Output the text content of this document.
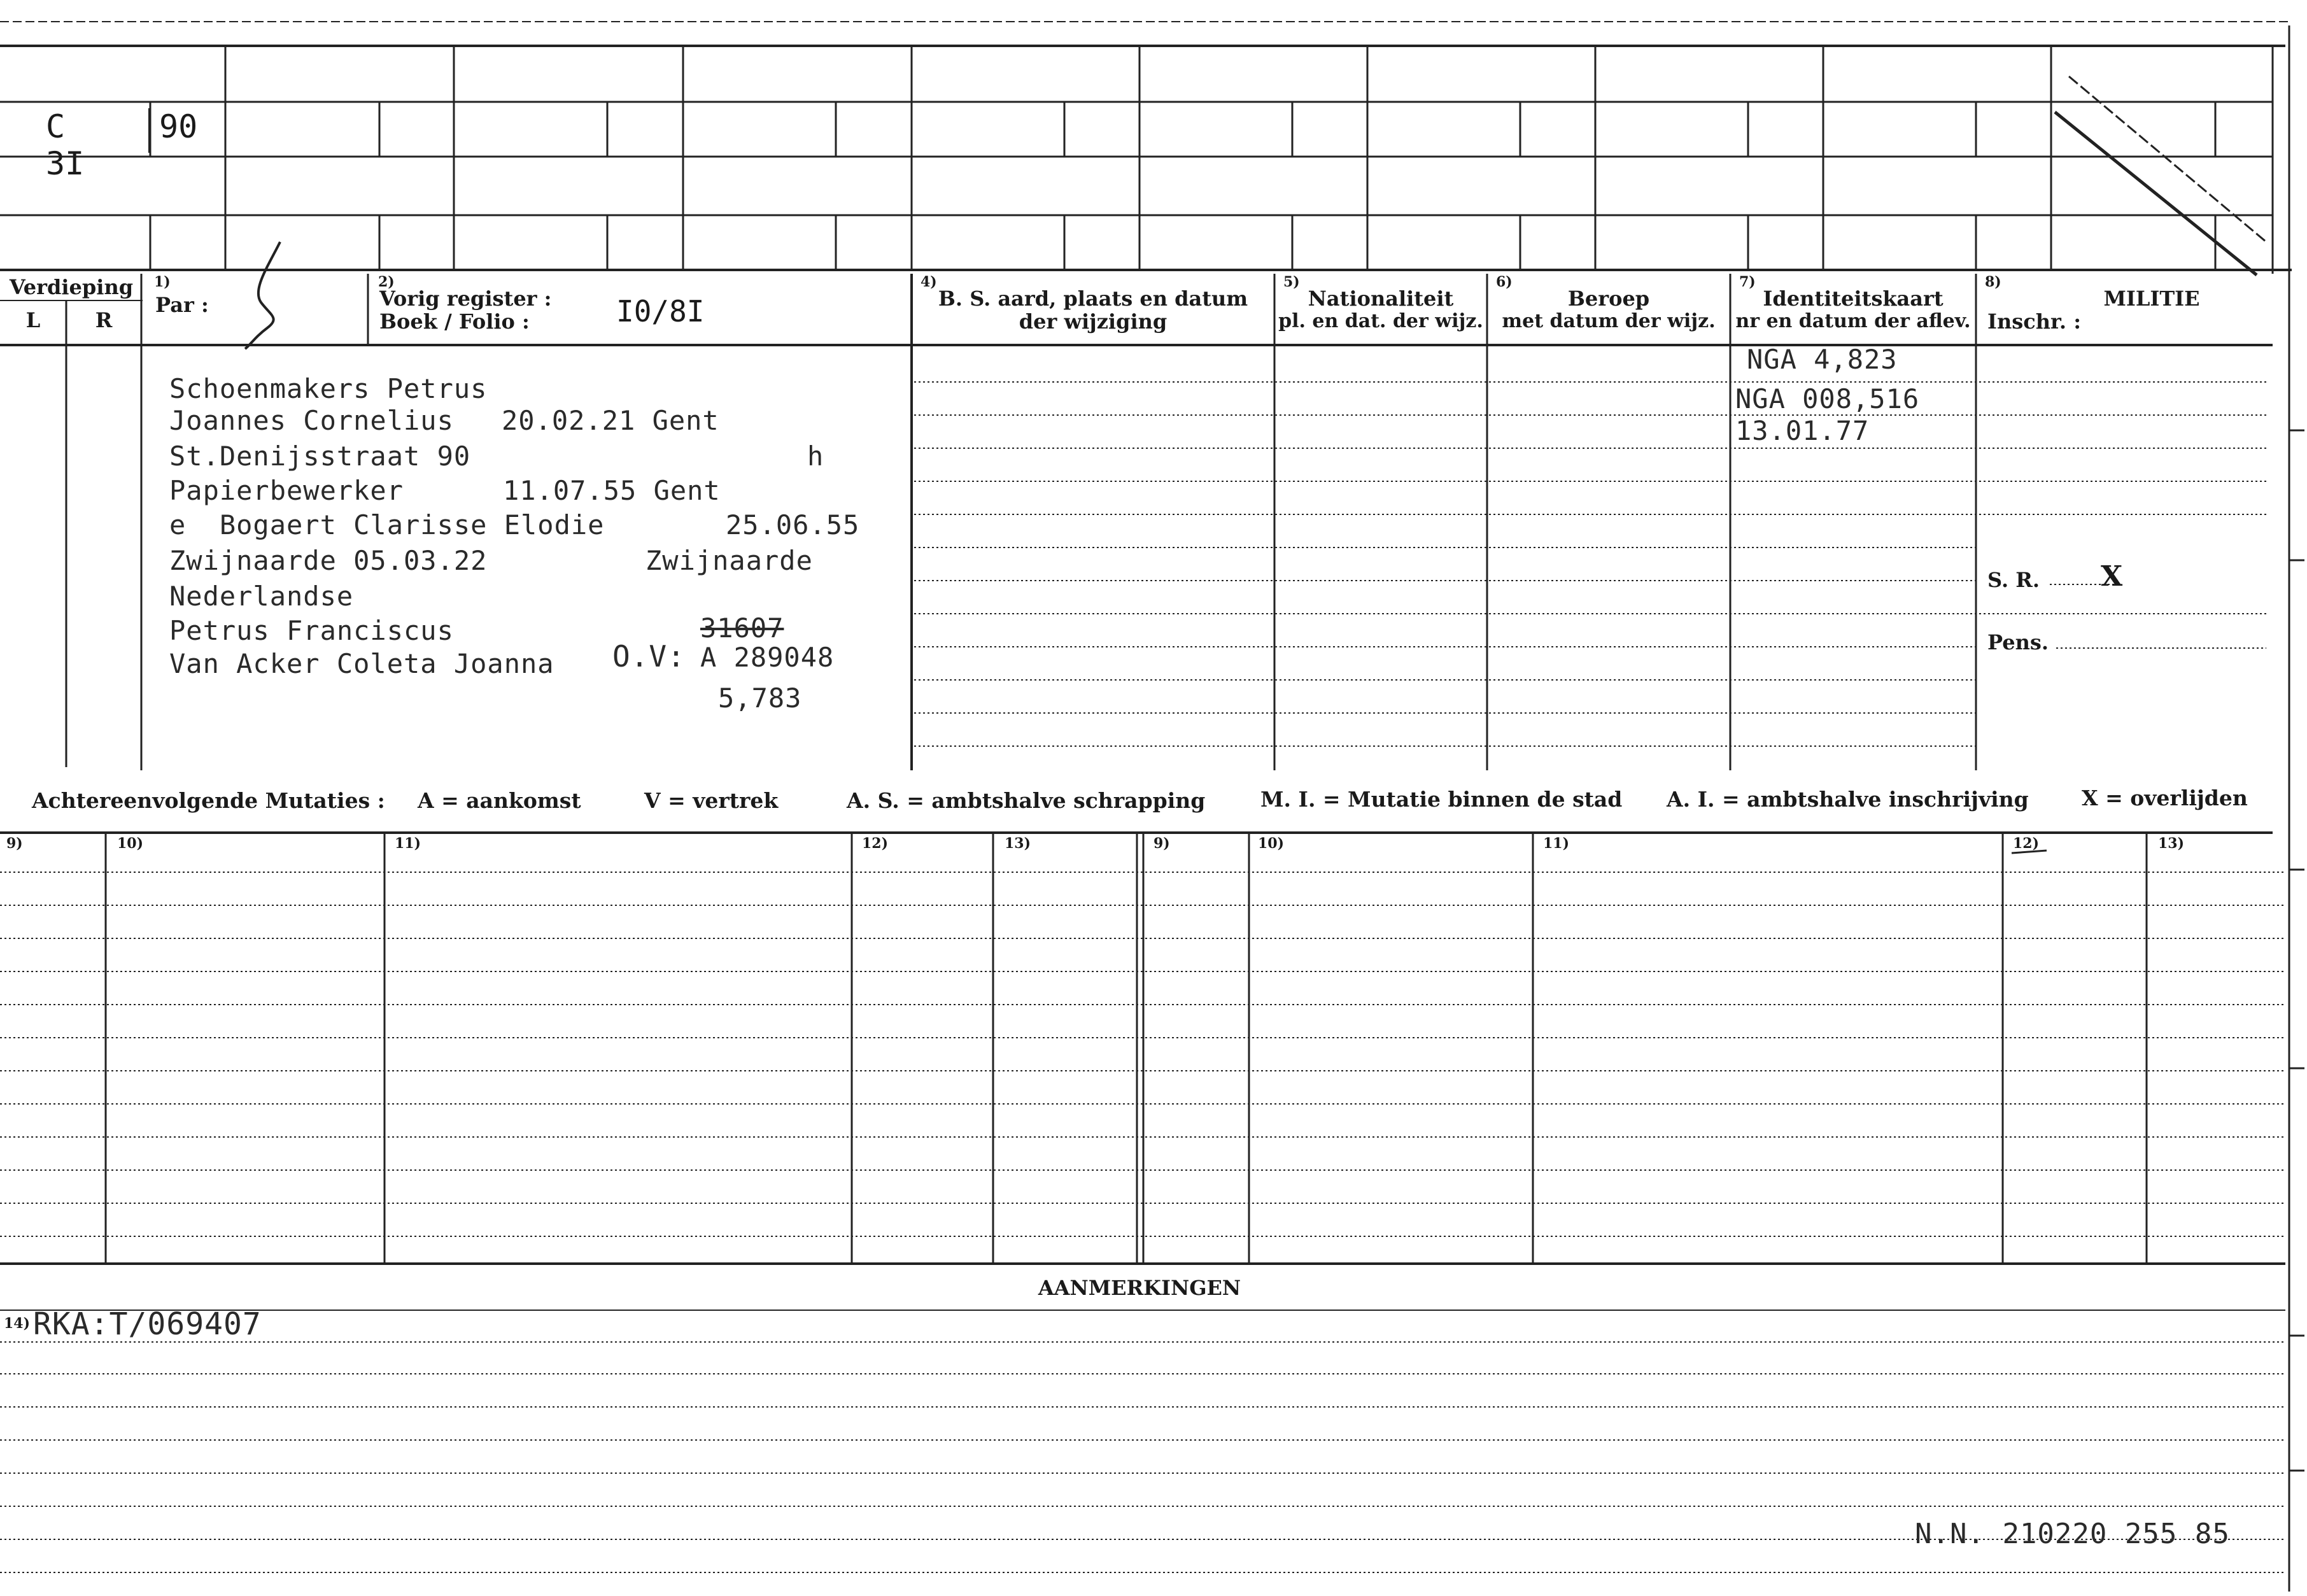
C 3I
90
Verdieping
L	R
1)
Par :
2)
Vorig register :
Boek / Folio :	I0/8I
4)
B. S. aard, plaats en datum
der wijziging
5)
Nationaliteit
pl. en dat. der wijz.
6)
Beroep
met datum der wijz.
7)
Identiteitskaart
nr en datum der aflev.
8)
MILITIE
Inschr. :
Schoenmakers Petrus
Joannes Cornelius 20.02.21 Gent
St.Denijsstraat 90	h
Papierbewerker	11.07.55 Gent
e  Bogaert Clarisse Elodie	25.06.55
Zwijnaarde 05.03.22	Zwijnaarde
Nederlandse
Petrus Franciscus	31607
Van Acker Coleta Joanna O.V: A 289048
5,783
NGA 4,823
NGA 008,516
13.01.77
S. R. X
Pens.
Achtereenvolgende Mutaties : A = aankomst	V = vertrek	A. S. = ambtshalve schrapping	M. I. = Mutatie binnen de stad A. I. = ambtshalve inschrijving	X = overlijden
9)	10)	11)	12)	13)	9)	10)	11)	12)	13)
AANMERKINGEN
14) RKA:T/069407
N.N. 210220 255 85
